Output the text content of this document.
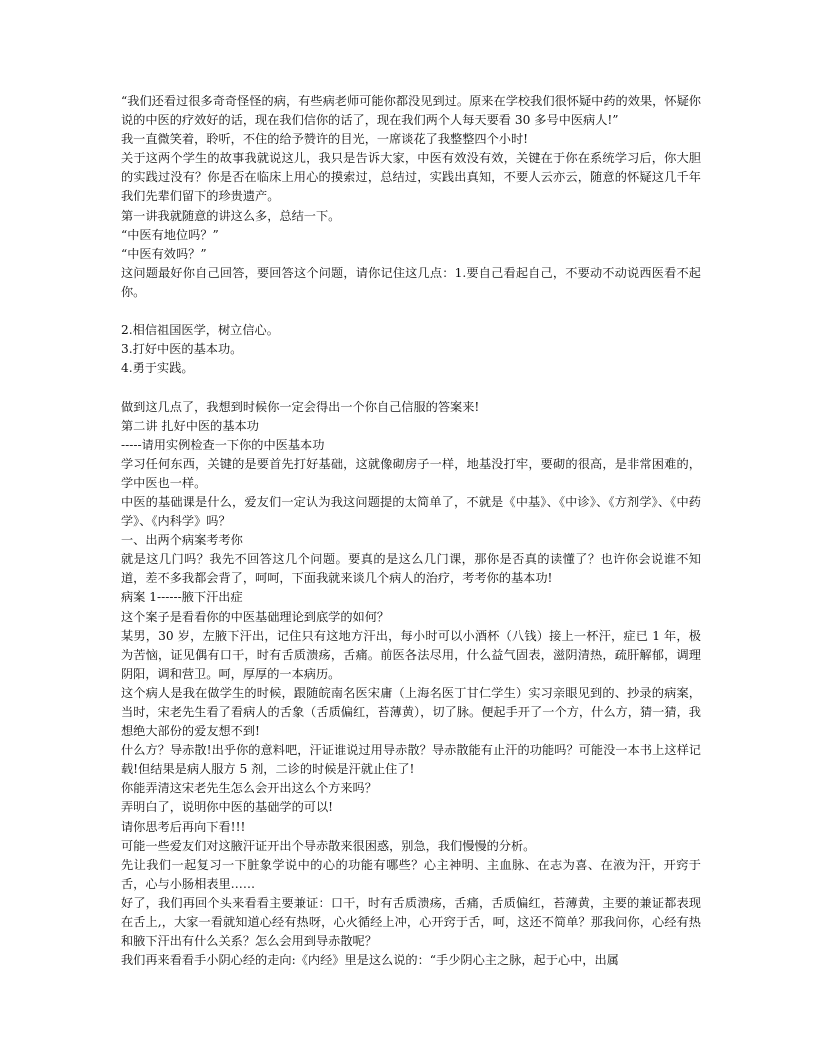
“我们还看过很多奇奇怪怪的病，有些病老师可能你都没见到过。原来在学校我们很怀疑中药的效果，怀疑你说的中医的疗效好的话，现在我们信你的话了，现在我们两个人每天要看 30 多号中医病人!”

我一直微笑着，聆听，不住的给予赞许的目光，一席谈花了我整整四个小时!

关于这两个学生的故事我就说这儿，我只是告诉大家，中医有效没有效，关键在于你在系统学习后，你大胆的实践过没有？你是否在临床上用心的摸索过，总结过，实践出真知，不要人云亦云，随意的怀疑这几千年我们先辈们留下的珍贵遗产。

第一讲我就随意的讲这么多，总结一下。

“中医有地位吗？”

“中医有效吗？”

这问题最好你自己回答，要回答这个问题，请你记住这几点：1.要自己看起自己，不要动不动说西医看不起你。

2.相信祖国医学，树立信心。

3.打好中医的基本功。

4.勇于实践。

做到这几点了，我想到时候你一定会得出一个你自己信服的答案来!

第二讲 扎好中医的基本功

-----请用实例检查一下你的中医基本功

学习任何东西，关键的是要首先打好基础，这就像砌房子一样，地基没打牢，要砌的很高，是非常困难的，学中医也一样。

中医的基础课是什么，爱友们一定认为我这问题提的太简单了，不就是《中基》、《中诊》、《方剂学》、《中药学》、《内科学》吗？

一、出两个病案考考你

就是这几门吗？我先不回答这几个问题。要真的是这么几门课，那你是否真的读懂了？也许你会说谁不知道，差不多我都会背了，呵呵，下面我就来谈几个病人的治疗，考考你的基本功!

病案 1------腋下汗出症

这个案子是看看你的中医基础理论到底学的如何？

某男，30 岁，左腋下汗出，记住只有这地方汗出，每小时可以小酒杯（八钱）接上一杯汗，症已 1 年，极为苦恼，证见偶有口干，时有舌质溃疡，舌痛。前医各法尽用，什么益气固表，滋阴清热，疏肝解郁，调理阴阳，调和营卫。呵，厚厚的一本病历。

这个病人是我在做学生的时候，跟随皖南名医宋庸（上海名医丁甘仁学生）实习亲眼见到的、抄录的病案，当时，宋老先生看了看病人的舌象（舌质偏红，苔薄黄），切了脉。便起手开了一个方，什么方，猜一猜，我想绝大部份的爱友想不到!

什么方？导赤散!出乎你的意料吧，汗证谁说过用导赤散？导赤散能有止汗的功能吗？可能没一本书上这样记载!但结果是病人服方 5 剂，二诊的时候是汗就止住了!

你能弄清这宋老先生怎么会开出这么个方来吗？

弄明白了，说明你中医的基础学的可以!

请你思考后再向下看!!!

可能一些爱友们对这腋汗证开出个导赤散来很困惑，别急，我们慢慢的分析。

先让我们一起复习一下脏象学说中的心的功能有哪些？心主神明、主血脉、在志为喜、在液为汗，开窍于舌，心与小肠相表里……

好了，我们再回个头来看看主要兼证：口干，时有舌质溃疡，舌痛，舌质偏红，苔薄黄，主要的兼证都表现在舌上,，大家一看就知道心经有热呀，心火循经上冲，心开窍于舌，呵，这还不简单？那我问你，心经有热和腋下汗出有什么关系？怎么会用到导赤散呢？

我们再来看看手小阴心经的走向:《内经》里是这么说的：“手少阴心主之脉，起于心中，出属
